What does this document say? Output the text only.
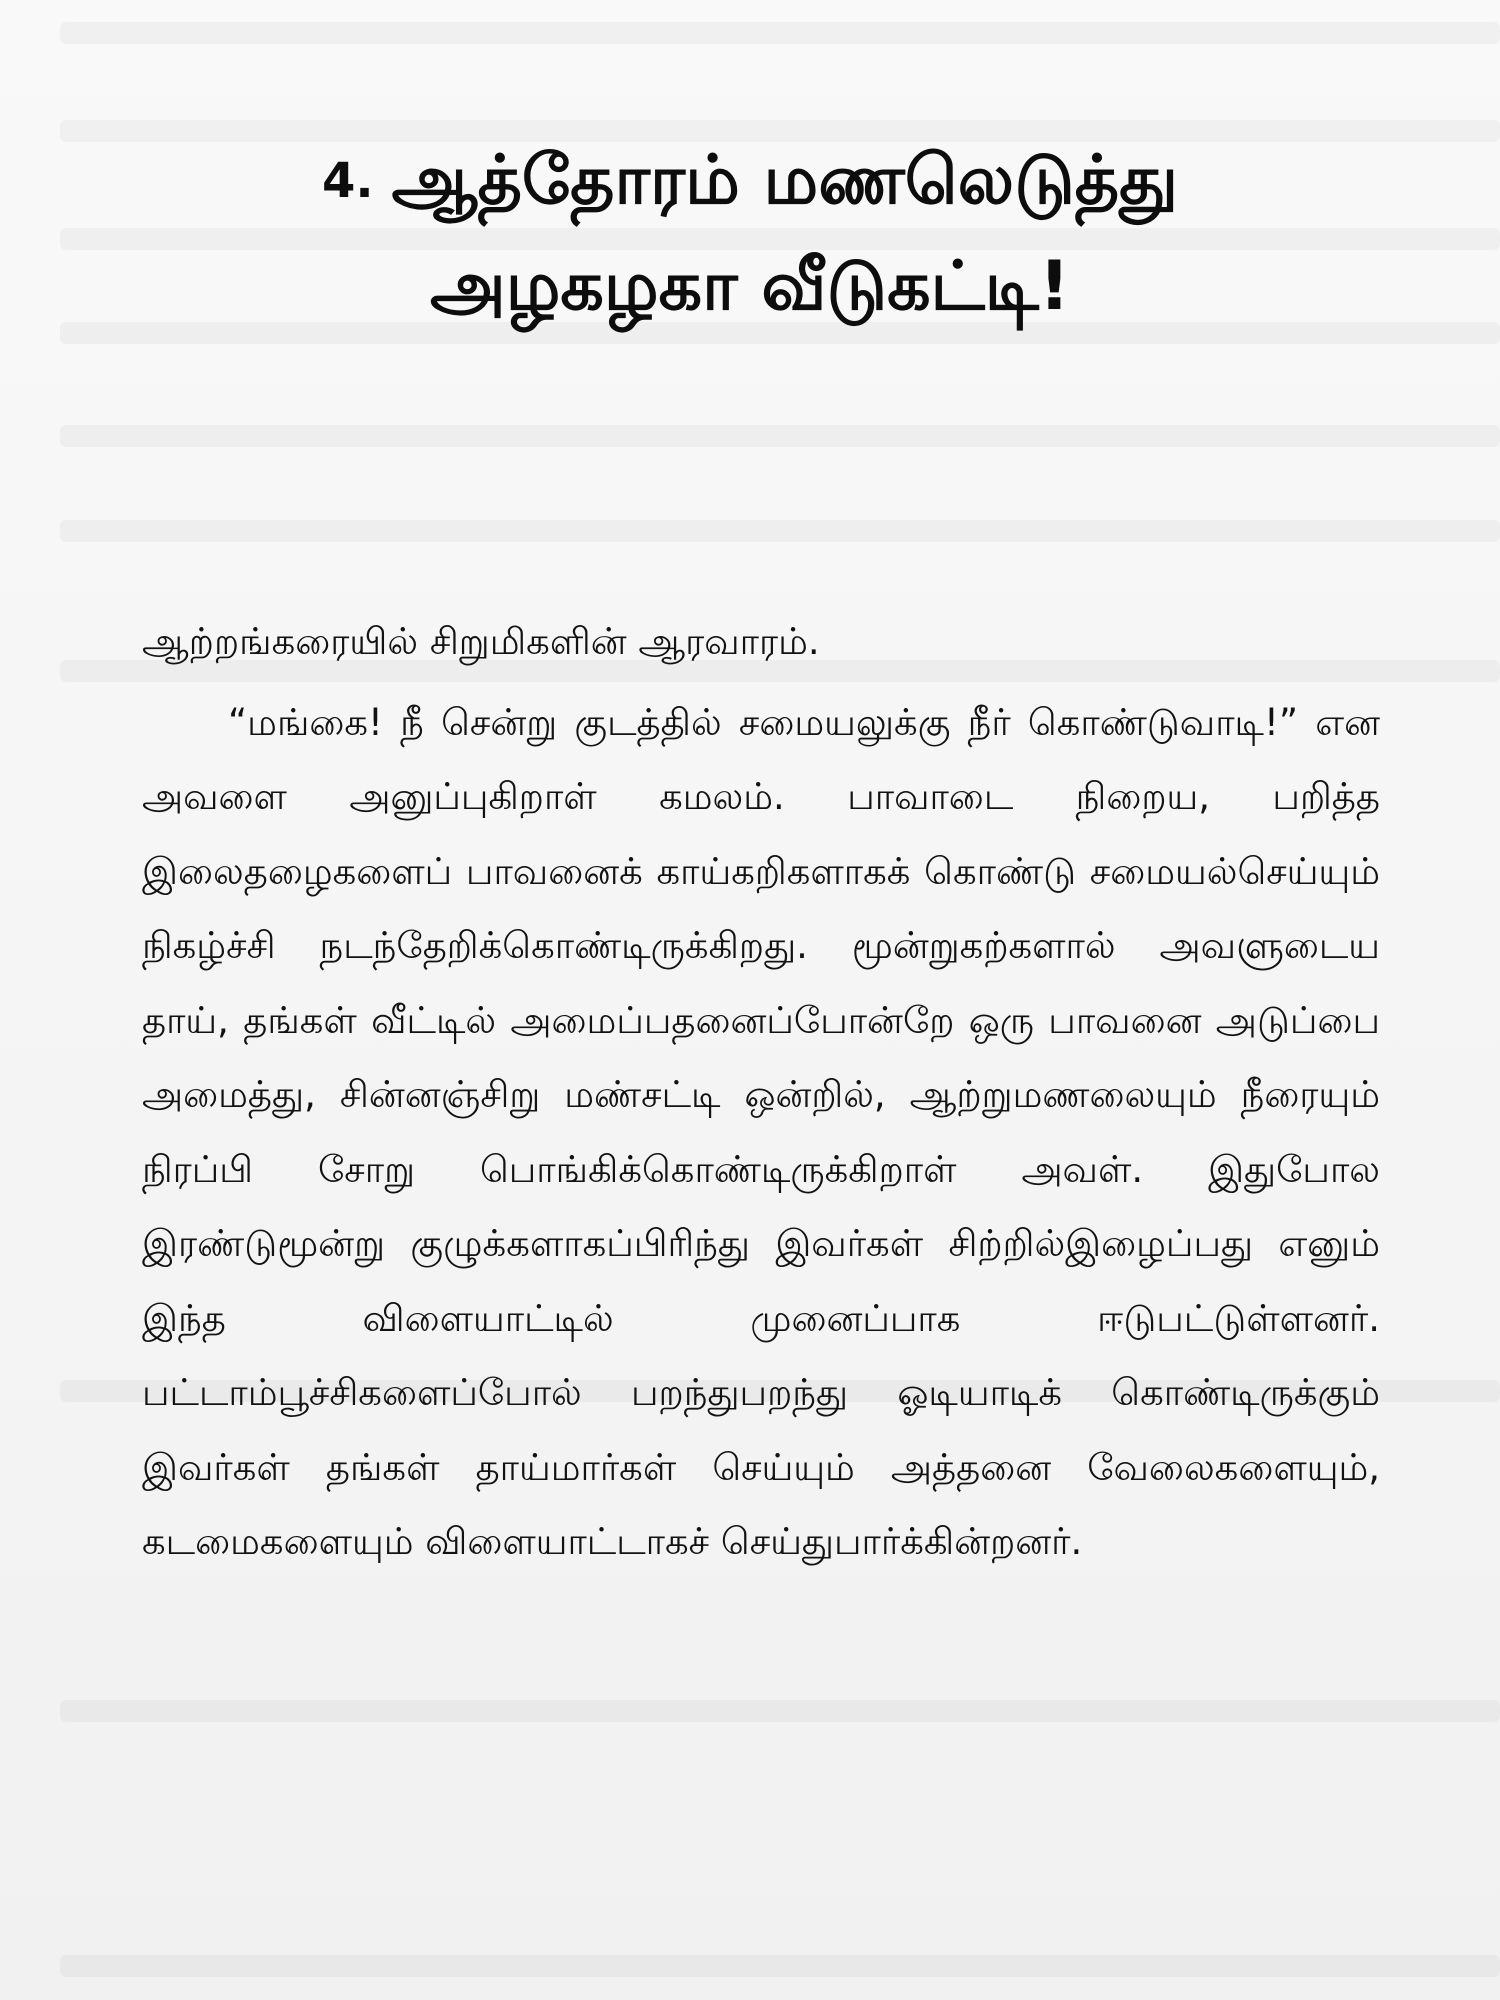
4. ஆத்தோரம் மணலெடுத்து
அழகழகா வீடுகட்டி!

ஆற்றங்கரையில் சிறுமிகளின் ஆரவாரம்.

“மங்கை! நீ சென்று குடத்தில் சமையலுக்கு நீர் கொண்டுவாடி!” என அவளை அனுப்புகிறாள் கமலம். பாவாடை நிறைய, பறித்த இலைதழைகளைப் பாவனைக் காய்கறிகளாகக் கொண்டு சமையல்செய்யும் நிகழ்ச்சி நடந்தேறிக்கொண்டிருக்கிறது. மூன்றுகற்களால் அவளுடைய தாய், தங்கள் வீட்டில் அமைப்பதனைப்போன்றே ஒரு பாவனை அடுப்பை அமைத்து, சின்னஞ்சிறு மண்சட்டி ஒன்றில், ஆற்றுமணலையும் நீரையும் நிரப்பி சோறு பொங்கிக்கொண்டிருக்கிறாள் அவள். இதுபோல இரண்டுமூன்று குழுக்களாகப்பிரிந்து இவர்கள் சிற்றில்இழைப்பது எனும் இந்த விளையாட்டில் முனைப்பாக ஈடுபட்டுள்ளனர். பட்டாம்பூச்சிகளைப்போல் பறந்துபறந்து ஓடியாடிக் கொண்டிருக்கும் இவர்கள் தங்கள் தாய்மார்கள் செய்யும் அத்தனை வேலைகளையும், கடமைகளையும் விளையாட்டாகச் செய்துபார்க்கின்றனர்.
